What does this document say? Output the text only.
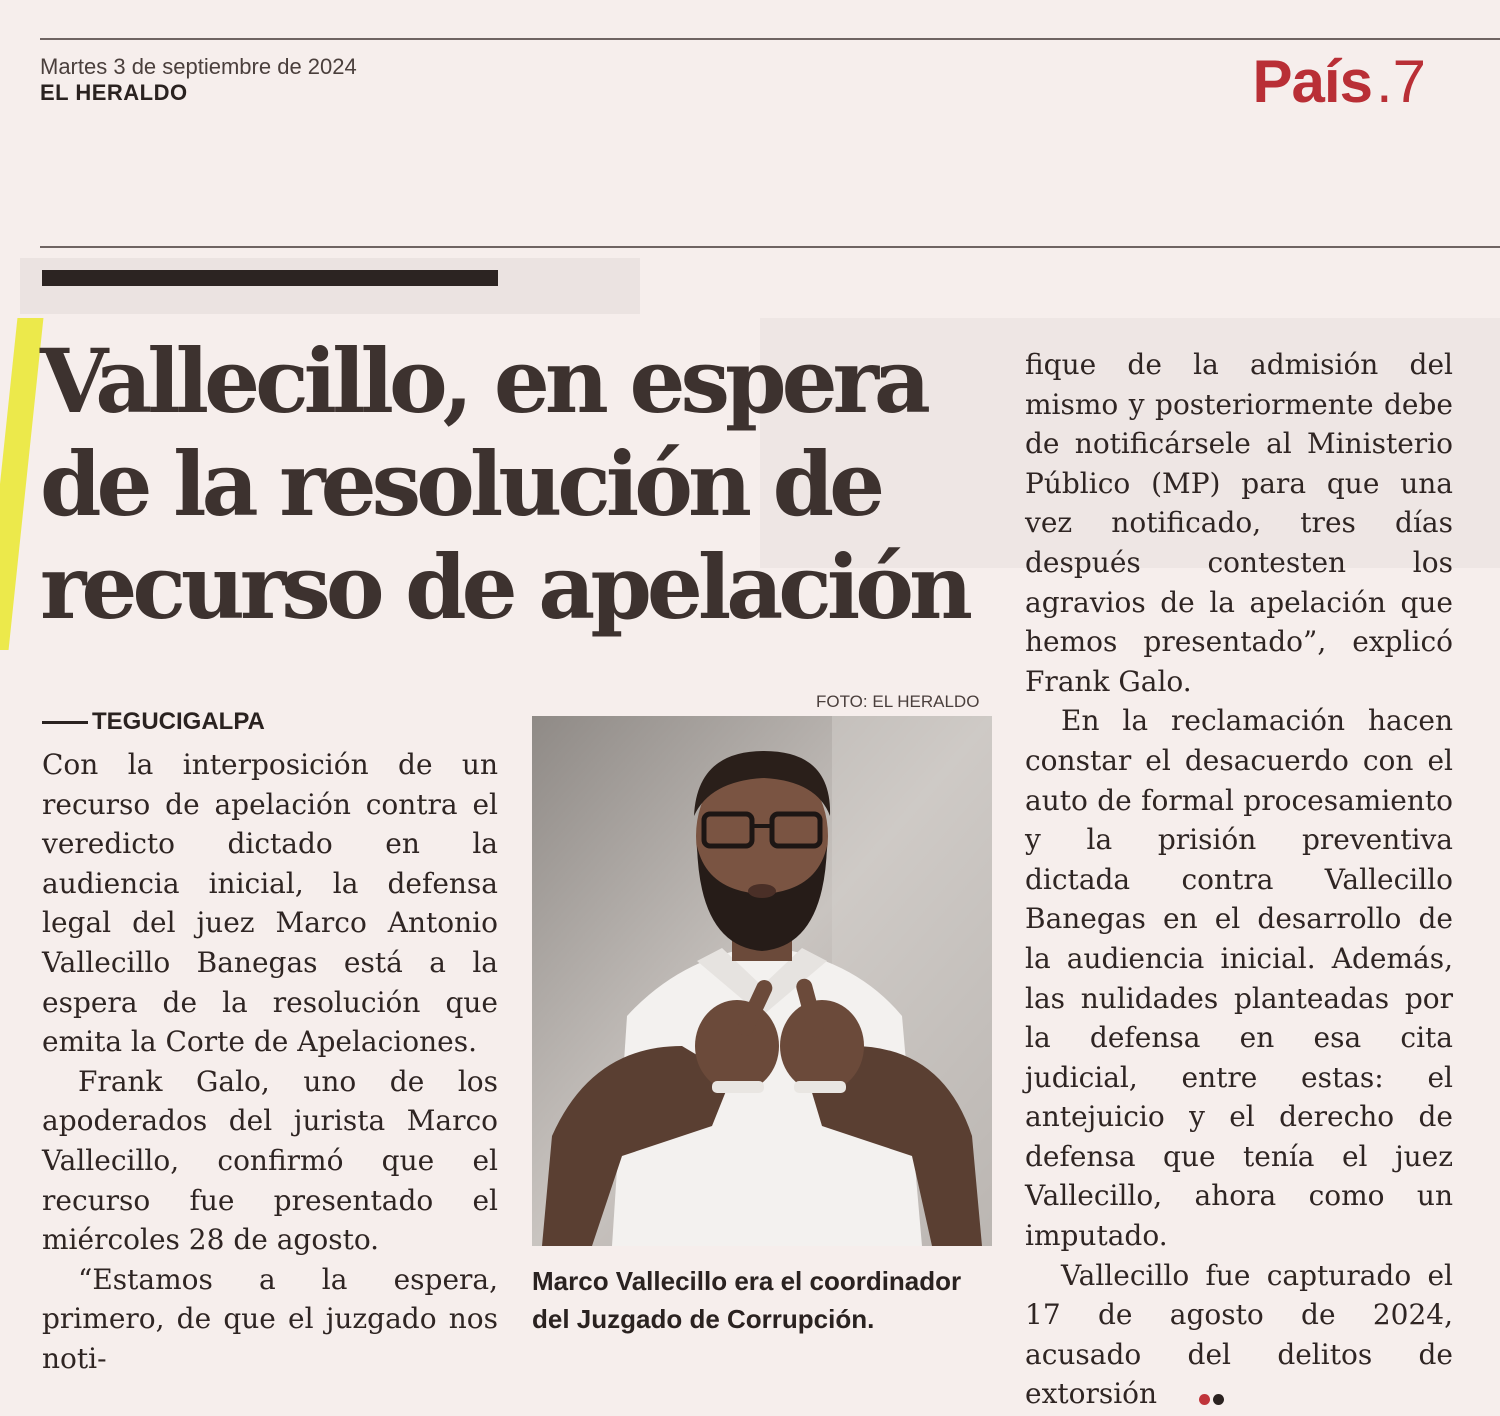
Martes 3 de septiembre de 2024
EL HERALDO	País.7
Vallecillo, en espera
de la resolución de
recurso de apelación
TEGUCIGALPA

Con la interposición de un recurso de apelación contra el veredicto dictado en la audiencia inicial, la defensa legal del juez Marco Antonio Vallecillo Banegas está a la espera de la resolución que emita la Corte de Apelaciones.

Frank Galo, uno de los apoderados del jurista Marco Vallecillo, confirmó que el recurso fue presentado el miércoles 28 de agosto.

“Estamos a la espera, primero, de que el juzgado nos noti-

FOTO: EL HERALDO

Marco Vallecillo era el coordinador del Juzgado de Corrupción.

fique de la admisión del mismo y posteriormente debe de notificársele al Ministerio Público (MP) para que una vez notificado, tres días después contesten los agravios de la apelación que hemos presentado”, explicó Frank Galo.

En la reclamación hacen constar el desacuerdo con el auto de formal procesamiento y la prisión preventiva dictada contra Vallecillo Banegas en el desarrollo de la audiencia inicial. Además, las nulidades planteadas por la defensa en esa cita judicial, entre estas: el antejuicio y el derecho de defensa que tenía el juez Vallecillo, ahora como un imputado.

Vallecillo fue capturado el 17 de agosto de 2024, acusado del delitos de extorsión
